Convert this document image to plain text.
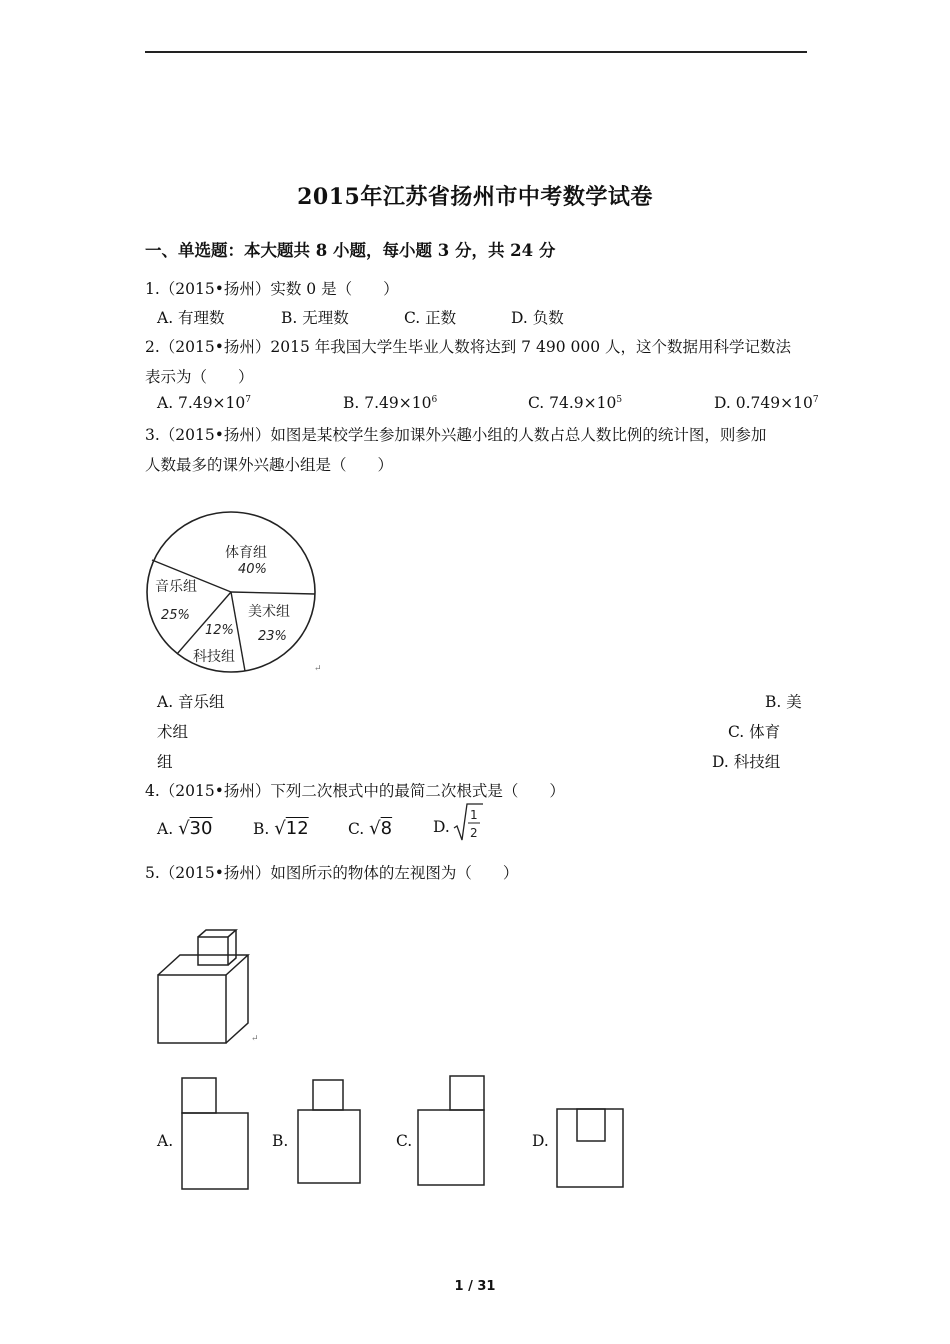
2015年江苏省扬州市中考数学试卷
一、单选题：本大题共 8 小题，每小题 3 分，共 24 分
1.（2015•扬州）实数 0 是（　　）
A. 有理数	B. 无理数	C. 正数	D. 负数
2.（2015•扬州）2015 年我国大学生毕业人数将达到 7 490 000 人，这个数据用科学记数法
表示为（　　）
A. $7.49\times 10^7$	B. $7.49\times 10^6$	C. $74.9\times 10^5$	D. $0.749\times 10^7$
3.（2015•扬州）如图是某校学生参加课外兴趣小组的人数占总人数比例的统计图，则参加
人数最多的课外兴趣小组是（　　）
体育组
40%
美术组
23%
12%
科技组
音乐组
25%
↵
A. 音乐组	B. 美
术组	C. 体育
组	D. 科技组
4.（2015•扬州）下列二次根式中的最简二次根式是（　　）
A. √30	B. √12	C. √8	D.
1
2
5.（2015•扬州）如图所示的物体的左视图为（　　）
↵
A.	B.	C.	D.
1 / 31
